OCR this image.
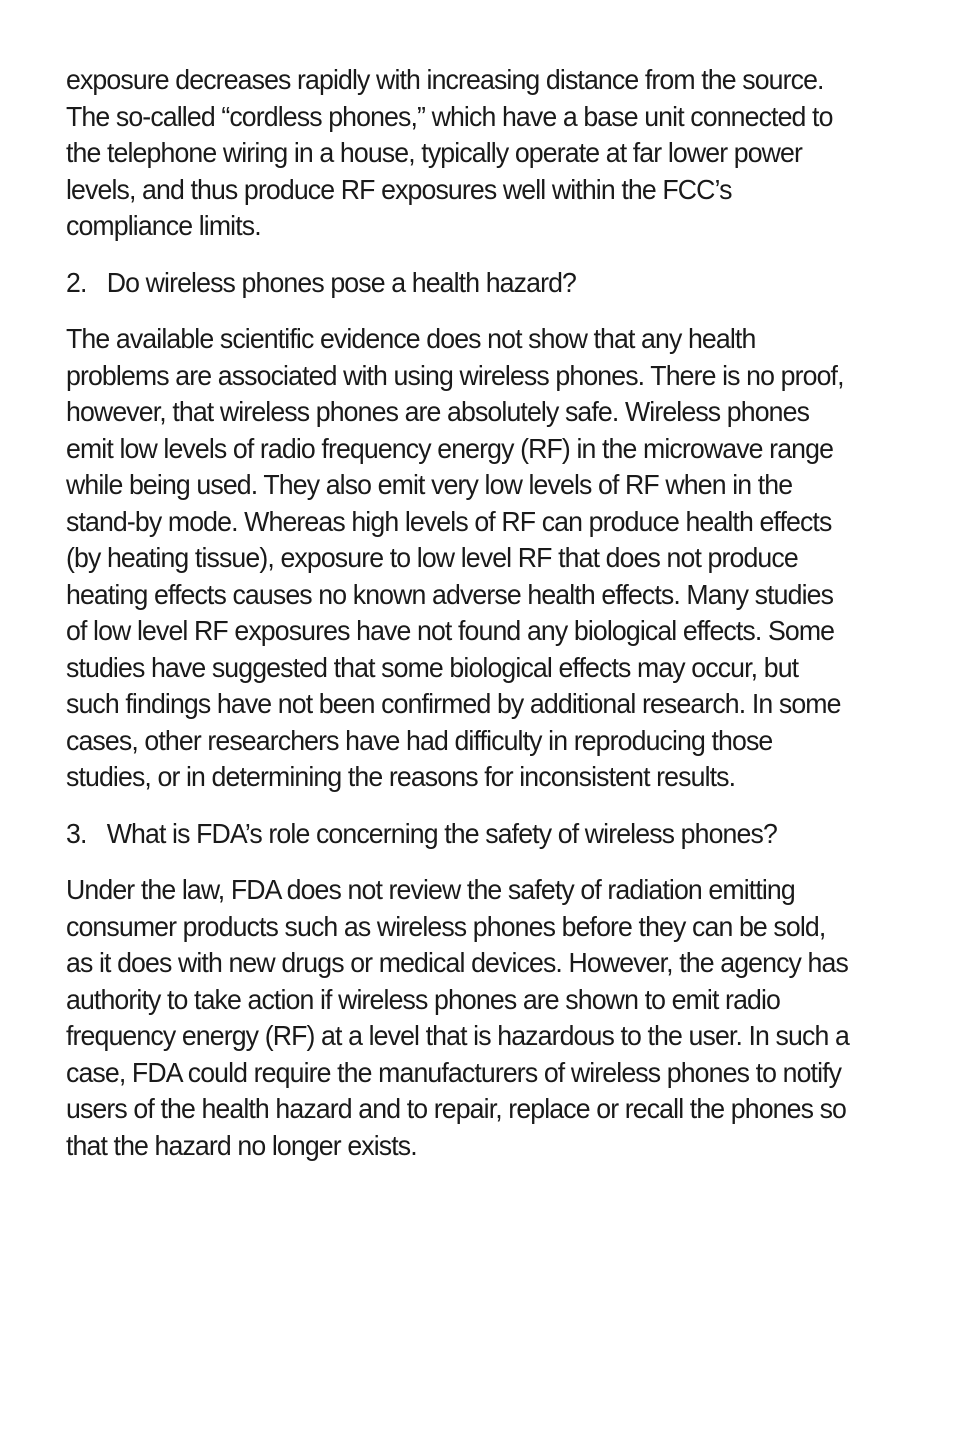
exposure decreases rapidly with increasing distance from the source. The so-called “cordless phones,” which have a base unit connected to the telephone wiring in a house, typically operate at far lower power levels, and thus produce RF exposures well within the FCC’s compliance limits.

2. Do wireless phones pose a health hazard?

The available scientific evidence does not show that any health problems are associated with using wireless phones. There is no proof, however, that wireless phones are absolutely safe. Wireless phones emit low levels of radio frequency energy (RF) in the microwave range while being used. They also emit very low levels of RF when in the stand-by mode. Whereas high levels of RF can produce health effects (by heating tissue), exposure to low level RF that does not produce heating effects causes no known adverse health effects. Many studies of low level RF exposures have not found any biological effects. Some studies have suggested that some biological effects may occur, but such findings have not been confirmed by additional research. In some cases, other researchers have had difficulty in reproducing those studies, or in determining the reasons for inconsistent results.

3. What is FDA’s role concerning the safety of wireless phones?

Under the law, FDA does not review the safety of radiation emitting consumer products such as wireless phones before they can be sold, as it does with new drugs or medical devices. However, the agency has authority to take action if wireless phones are shown to emit radio frequency energy (RF) at a level that is hazardous to the user. In such a case, FDA could require the manufacturers of wireless phones to notify users of the health hazard and to repair, replace or recall the phones so that the hazard no longer exists.
